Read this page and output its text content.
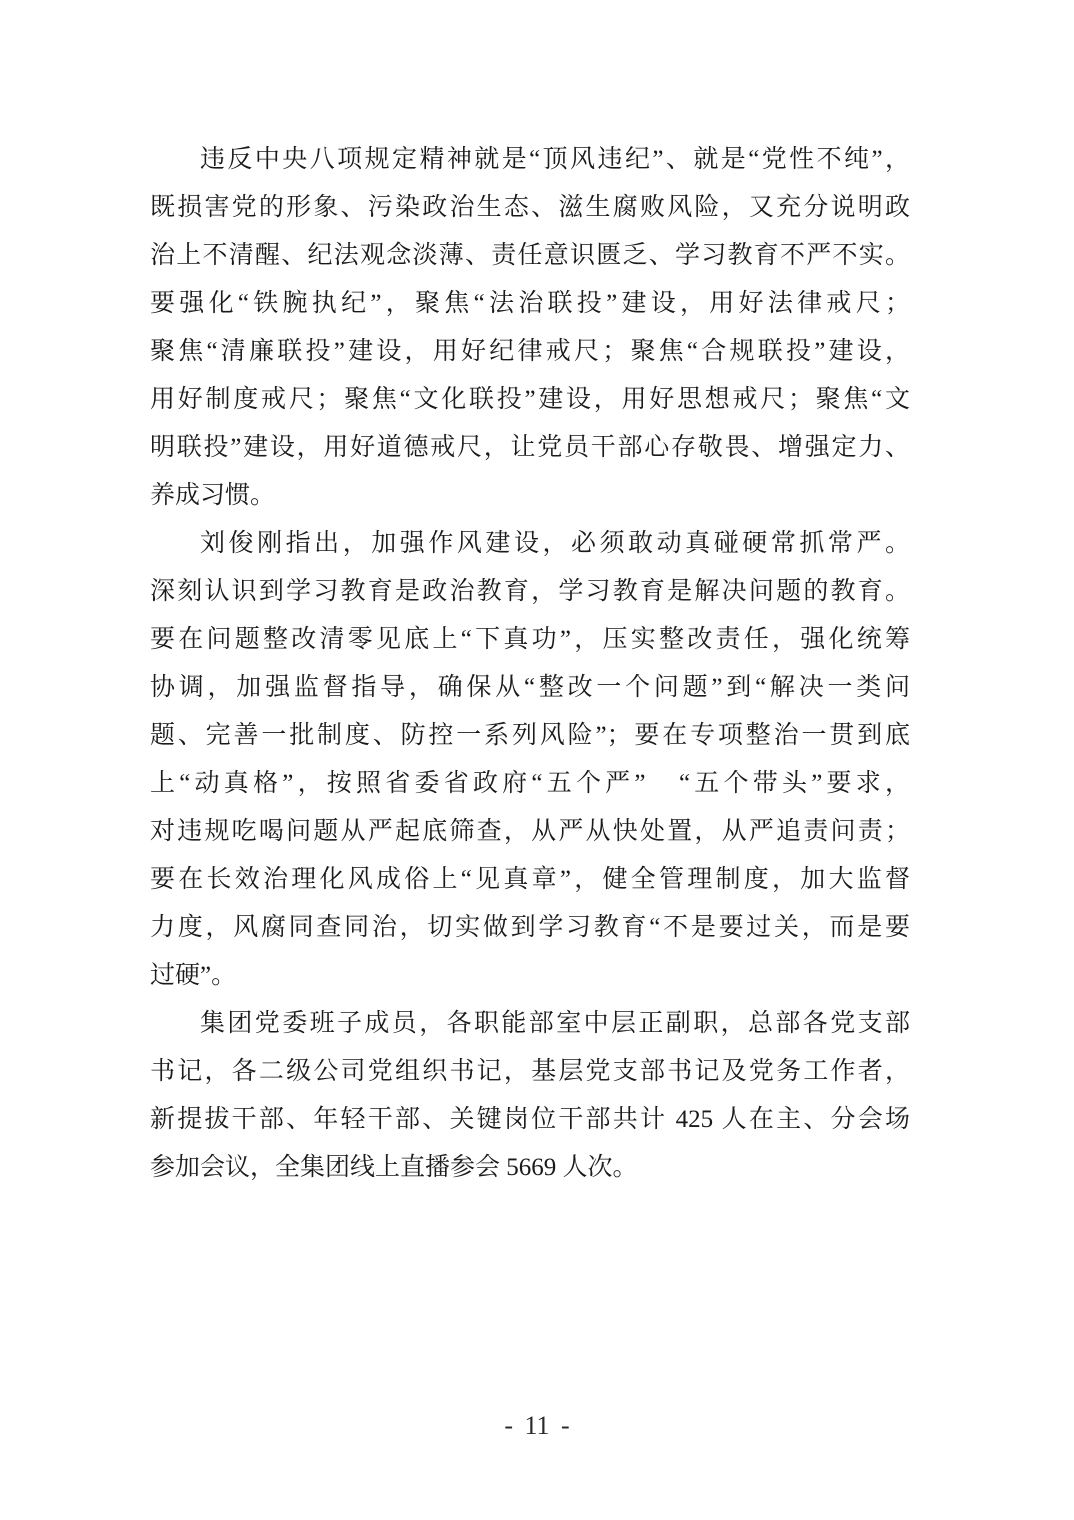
违反中央八项规定精神就是“顶风违纪”、就是“党性不纯”，
既损害党的形象、污染政治生态、滋生腐败风险，又充分说明政
治上不清醒、纪法观念淡薄、责任意识匮乏、学习教育不严不实。
要强化“铁腕执纪”，聚焦“法治联投”建设，用好法律戒尺；
聚焦“清廉联投”建设，用好纪律戒尺；聚焦“合规联投”建设，
用好制度戒尺；聚焦“文化联投”建设，用好思想戒尺；聚焦“文
明联投”建设，用好道德戒尺，让党员干部心存敬畏、增强定力、
养成习惯。
刘俊刚指出，加强作风建设，必须敢动真碰硬常抓常严。
深刻认识到学习教育是政治教育，学习教育是解决问题的教育。
要在问题整改清零见底上“下真功”，压实整改责任，强化统筹
协调，加强监督指导，确保从“整改一个问题”到“解决一类问
题、完善一批制度、防控一系列风险”；要在专项整治一贯到底
上“动真格”，按照省委省政府“五个严”　“五个带头”要求，
对违规吃喝问题从严起底筛查，从严从快处置，从严追责问责；
要在长效治理化风成俗上“见真章”，健全管理制度，加大监督
力度，风腐同查同治，切实做到学习教育“不是要过关，而是要
过硬”。
集团党委班子成员，各职能部室中层正副职，总部各党支部
书记，各二级公司党组织书记，基层党支部书记及党务工作者，
新提拔干部、年轻干部、关键岗位干部共计 425 人在主、分会场
参加会议，全集团线上直播参会 5669 人次。
- 11 -
